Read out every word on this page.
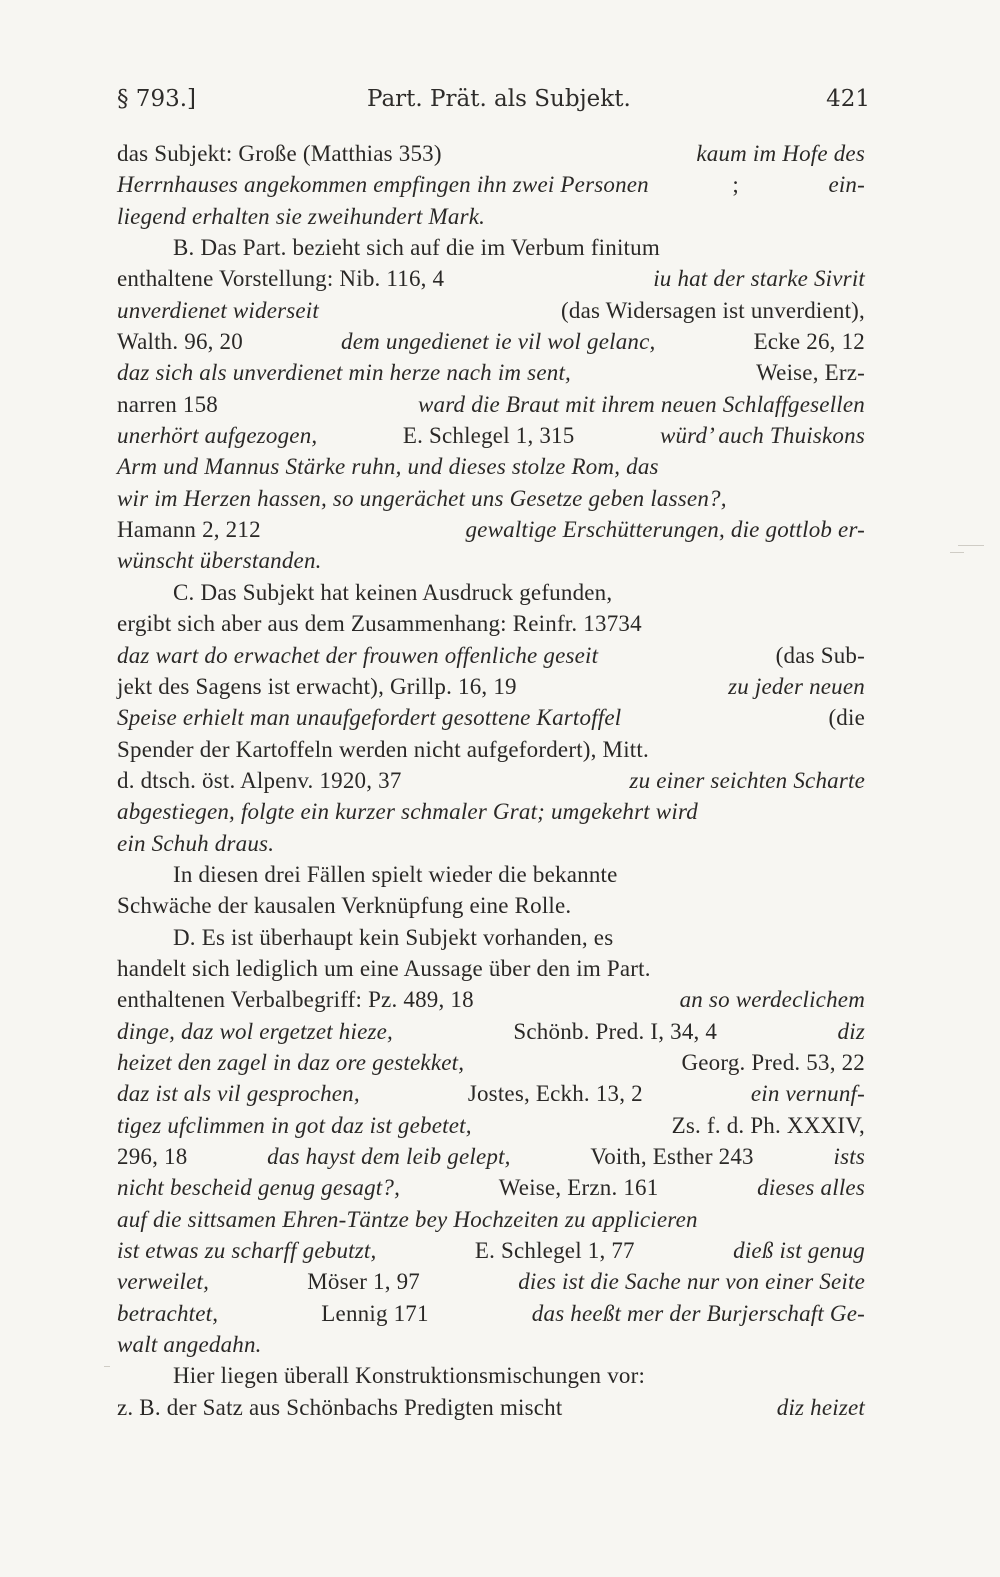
§ 793.]	Part. Prät. als Subjekt.	421
das Subjekt: Große (Matthias 353)	kaum im Hofe des
Herrnhauses angekommen empfingen ihn zwei Personen	;	ein-
liegend erhalten sie zweihundert Mark.
B. Das Part. bezieht sich auf die im Verbum finitum
enthaltene Vorstellung: Nib. 116, 4	iu hat der starke Sivrit
unverdienet widerseit	(das Widersagen ist unverdient),
Walth. 96, 20	dem ungedienet ie vil wol gelanc,	Ecke 26, 12
daz sich als unverdienet min herze nach im sent,	Weise, Erz-
narren 158	ward die Braut mit ihrem neuen Schlaffgesellen
unerhört aufgezogen,	E. Schlegel 1, 315	würd’ auch Thuiskons
Arm und Mannus Stärke ruhn, und dieses stolze Rom, das
wir im Herzen hassen, so ungerächet uns Gesetze geben lassen?,
Hamann 2, 212	gewaltige Erschütterungen, die gottlob er-
wünscht überstanden.
C. Das Subjekt hat keinen Ausdruck gefunden,
ergibt sich aber aus dem Zusammenhang: Reinfr. 13734
daz wart do erwachet der frouwen offenliche geseit	(das Sub-
jekt des Sagens ist erwacht), Grillp. 16, 19	zu jeder neuen
Speise erhielt man unaufgefordert gesottene Kartoffel	(die
Spender der Kartoffeln werden nicht aufgefordert), Mitt.
d. dtsch. öst. Alpenv. 1920, 37	zu einer seichten Scharte
abgestiegen, folgte ein kurzer schmaler Grat; umgekehrt wird
ein Schuh draus.
In diesen drei Fällen spielt wieder die bekannte
Schwäche der kausalen Verknüpfung eine Rolle.
D. Es ist überhaupt kein Subjekt vorhanden, es
handelt sich lediglich um eine Aussage über den im Part.
enthaltenen Verbalbegriff: Pz. 489, 18	an so werdeclichem
dinge, daz wol ergetzet hieze,	Schönb. Pred. I, 34, 4	diz
heizet den zagel in daz ore gestekket,	Georg. Pred. 53, 22
daz ist als vil gesprochen,	Jostes, Eckh. 13, 2	ein vernunf-
tigez ufclimmen in got daz ist gebetet,	Zs. f. d. Ph. XXXIV,
296, 18	das hayst dem leib gelept,	Voith, Esther 243	ists
nicht bescheid genug gesagt?,	Weise, Erzn. 161	dieses alles
auf die sittsamen Ehren-Täntze bey Hochzeiten zu applicieren
ist etwas zu scharff gebutzt,	E. Schlegel 1, 77	dieß ist genug
verweilet,	Möser 1, 97	dies ist die Sache nur von einer Seite
betrachtet,	Lennig 171	das heeßt mer der Burjerschaft Ge-
walt angedahn.
Hier liegen überall Konstruktionsmischungen vor:
z. B. der Satz aus Schönbachs Predigten mischt	diz heizet
